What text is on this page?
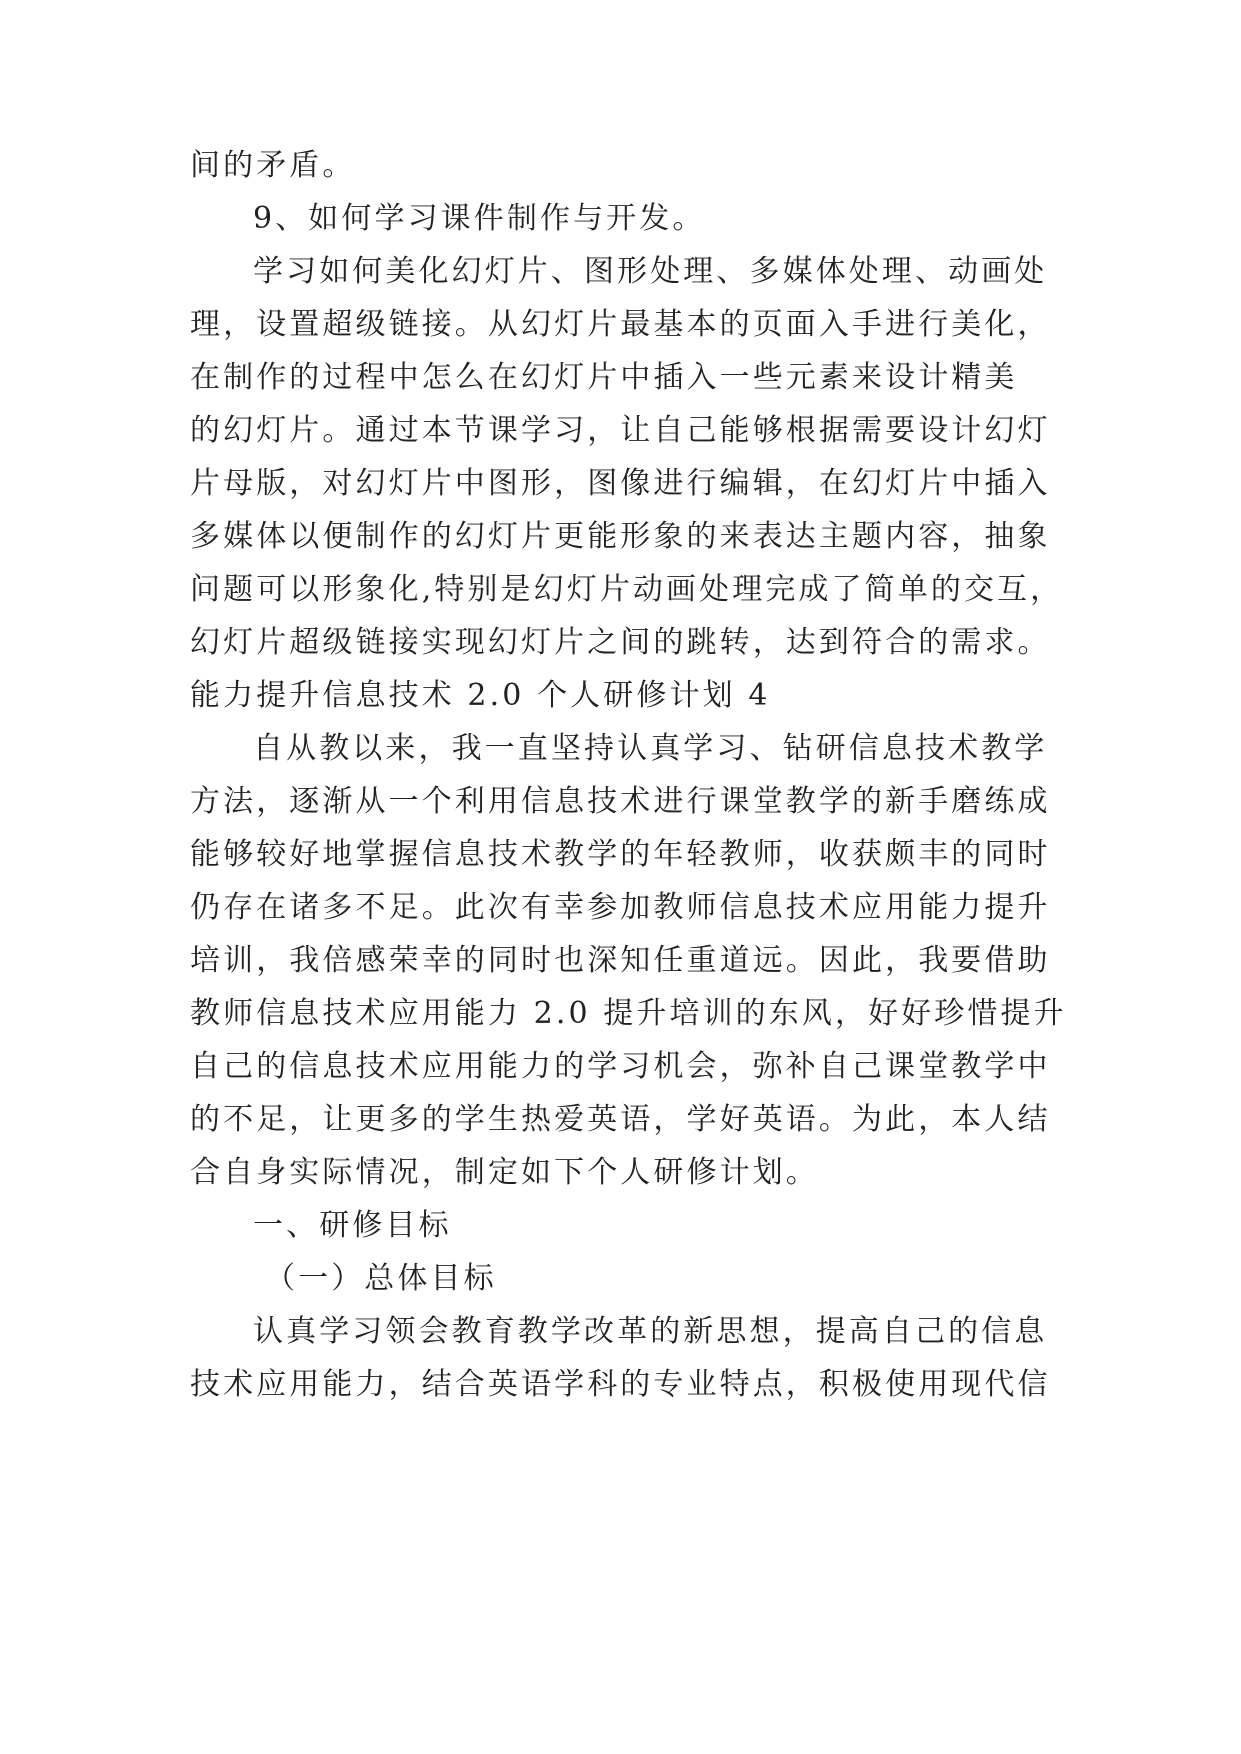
间的矛盾。
9、如何学习课件制作与开发。
学习如何美化幻灯片、图形处理、多媒体处理、动画处
理，设置超级链接。从幻灯片最基本的页面入手进行美化，
在制作的过程中怎么在幻灯片中插入一些元素来设计精美
的幻灯片。通过本节课学习，让自己能够根据需要设计幻灯
片母版，对幻灯片中图形，图像进行编辑，在幻灯片中插入
多媒体以便制作的幻灯片更能形象的来表达主题内容，抽象
问题可以形象化,特别是幻灯片动画处理完成了简单的交互，
幻灯片超级链接实现幻灯片之间的跳转，达到符合的需求。
能力提升信息技术 2.0 个人研修计划 4
自从教以来，我一直坚持认真学习、钻研信息技术教学
方法，逐渐从一个利用信息技术进行课堂教学的新手磨练成
能够较好地掌握信息技术教学的年轻教师，收获颇丰的同时
仍存在诸多不足。此次有幸参加教师信息技术应用能力提升
培训，我倍感荣幸的同时也深知任重道远。因此，我要借助
教师信息技术应用能力 2.0 提升培训的东风，好好珍惜提升
自己的信息技术应用能力的学习机会，弥补自己课堂教学中
的不足，让更多的学生热爱英语，学好英语。为此，本人结
合自身实际情况，制定如下个人研修计划。
一、研修目标
（一）总体目标
认真学习领会教育教学改革的新思想，提高自己的信息
技术应用能力，结合英语学科的专业特点，积极使用现代信
